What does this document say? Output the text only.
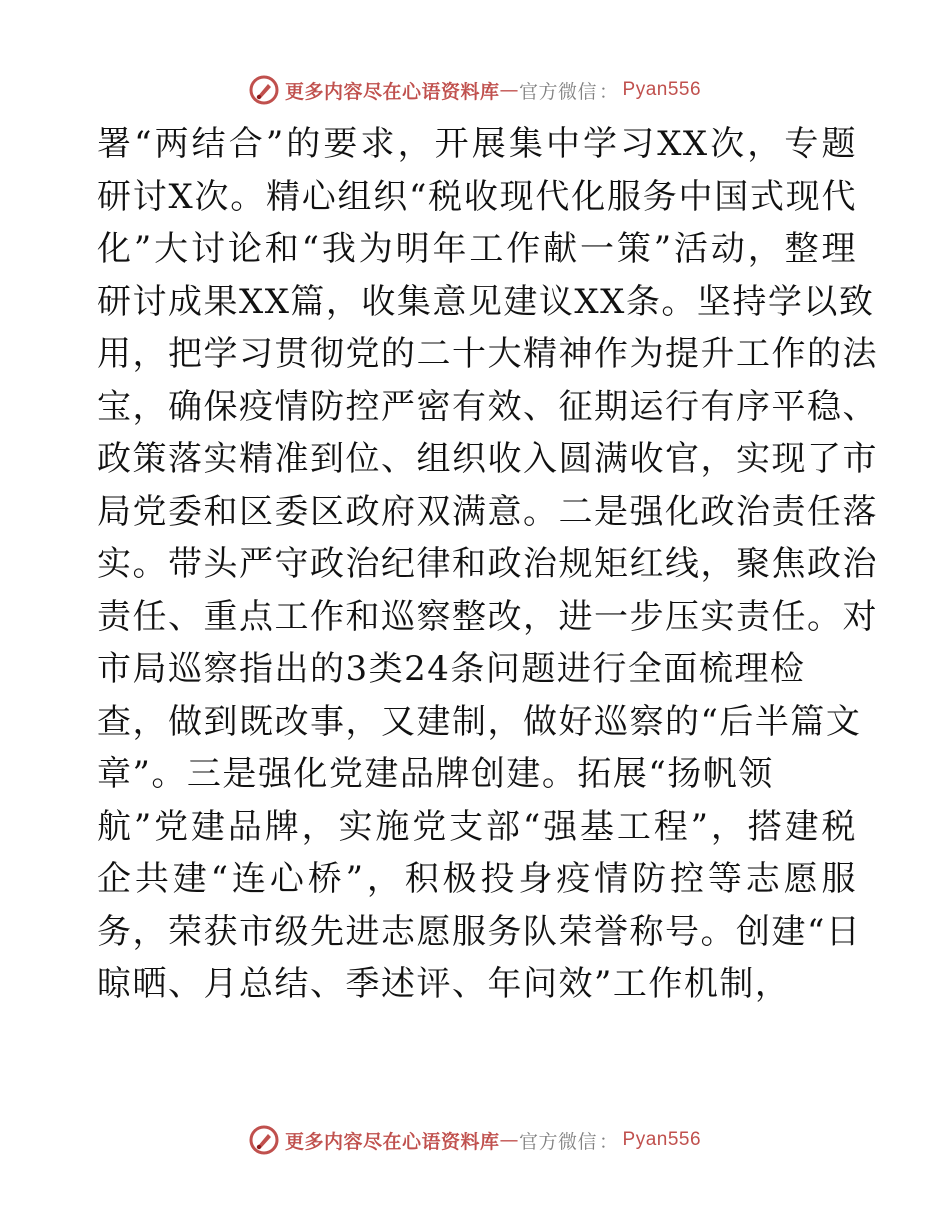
更多内容尽在心语资料库 — 官方微信 ： Pyan556
署“两结合”的要求，开展集中学习XX次，专题
研讨X次。精心组织“税收现代化服务中国式现代
化”大讨论和“我为明年工作献一策”活动，整理
研讨成果XX篇，收集意见建议XX条。坚持学以致
用，把学习贯彻党的二十大精神作为提升工作的法
宝，确保疫情防控严密有效、征期运行有序平稳、
政策落实精准到位、组织收入圆满收官，实现了市
局党委和区委区政府双满意。二是强化政治责任落
实。带头严守政治纪律和政治规矩红线，聚焦政治
责任、重点工作和巡察整改，进一步压实责任。对
市局巡察指出的3类24条问题进行全面梳理检
查，做到既改事，又建制，做好巡察的“后半篇文
章”。三是强化党建品牌创建。拓展“扬帆领
航”党建品牌，实施党支部“强基工程”，搭建税
企共建“连心桥”，积极投身疫情防控等志愿服
务，荣获市级先进志愿服务队荣誉称号。创建“日
晾晒、月总结、季述评、年问效”工作机制，
更多内容尽在心语资料库 — 官方微信 ： Pyan556
